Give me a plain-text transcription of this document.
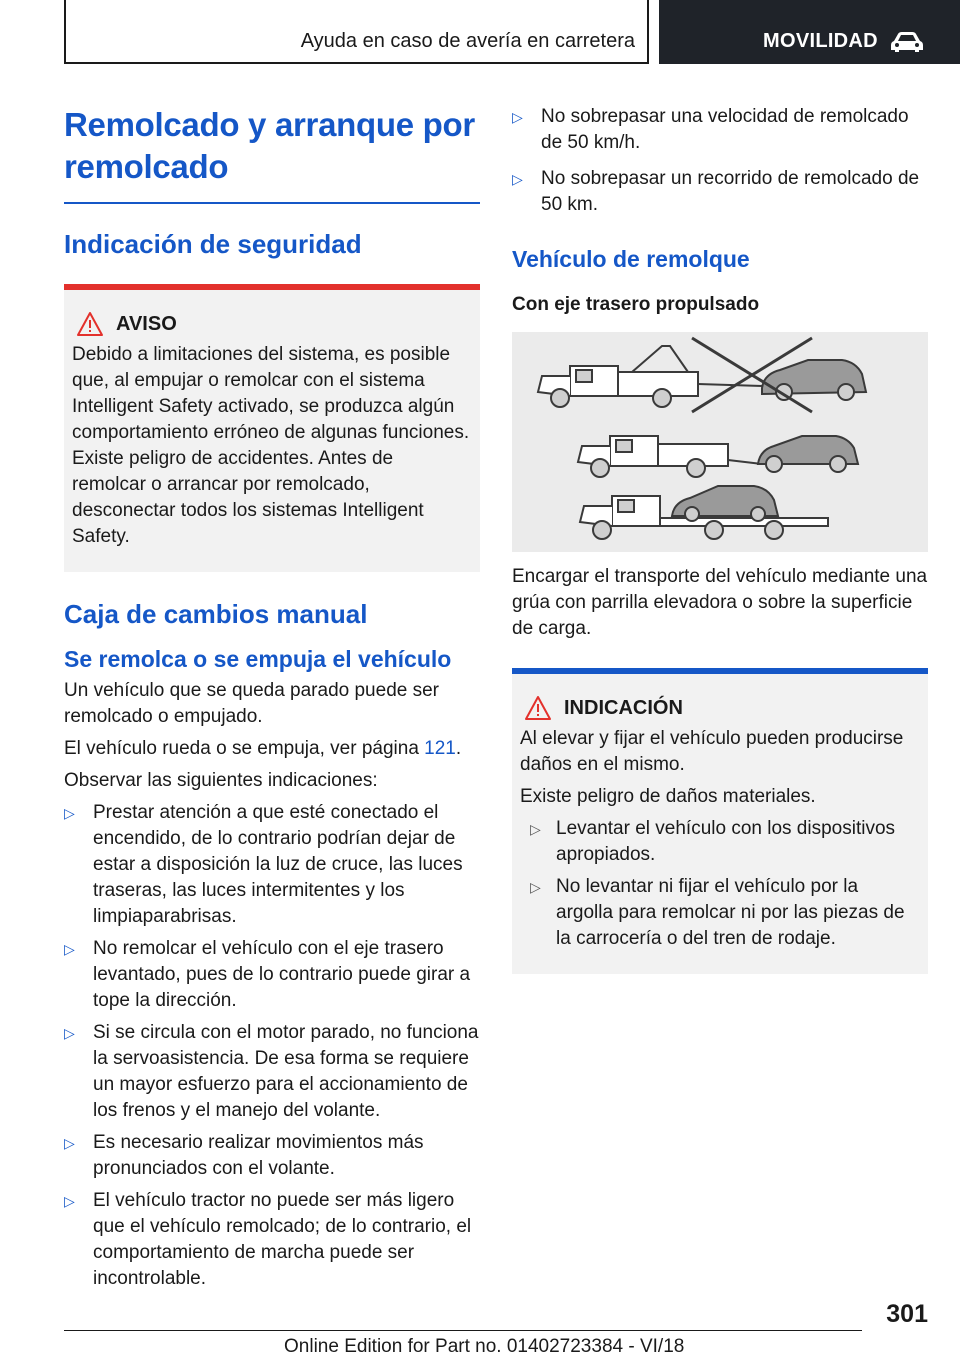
Ayuda en caso de avería en carretera	MOVILIDAD
Remolcado y arranque por remolcado
Indicación de seguridad
AVISO

Debido a limitaciones del sistema, es posible que, al empujar o remolcar con el sistema Intelligent Safety activado, se produzca algún comportamiento erróneo de algunas funciones. Existe peligro de accidentes. Antes de remolcar o arrancar por remolcado, desconectar todos los sistemas Intelligent Safety.

Caja de cambios manual
Se remolca o se empuja el vehículo

Un vehículo que se queda parado puede ser remolcado o empujado.

El vehículo rueda o se empuja, ver página 121.

Observar las siguientes indicaciones:

▷ Prestar atención a que esté conectado el encendido, de lo contrario podrían dejar de estar a disposición la luz de cruce, las luces traseras, las luces intermitentes y los limpiaparabrisas.
▷ No remolcar el vehículo con el eje trasero levantado, pues de lo contrario puede girar a tope la dirección.
▷ Si se circula con el motor parado, no funciona la servoasistencia. De esa forma se requiere un mayor esfuerzo para el accionamiento de los frenos y el manejo del volante.
▷ Es necesario realizar movimientos más pronunciados con el volante.
▷ El vehículo tractor no puede ser más ligero que el vehículo remolcado; de lo contrario, el comportamiento de marcha puede ser incontrolable.
▷ No sobrepasar una velocidad de remolcado de 50 km/h.
▷ No sobrepasar un recorrido de remolcado de 50 km.
Vehículo de remolque
Con eje trasero propulsado

Encargar el transporte del vehículo mediante una grúa con parrilla elevadora o sobre la superficie de carga.

INDICACIÓN

Al elevar y fijar el vehículo pueden producirse daños en el mismo.

Existe peligro de daños materiales.

▷ Levantar el vehículo con los dispositivos apropiados.
▷ No levantar ni fijar el vehículo por la argolla para remolcar ni por las piezas de la carrocería o del tren de rodaje.
301
Online Edition for Part no. 01402723384 - VI/18
